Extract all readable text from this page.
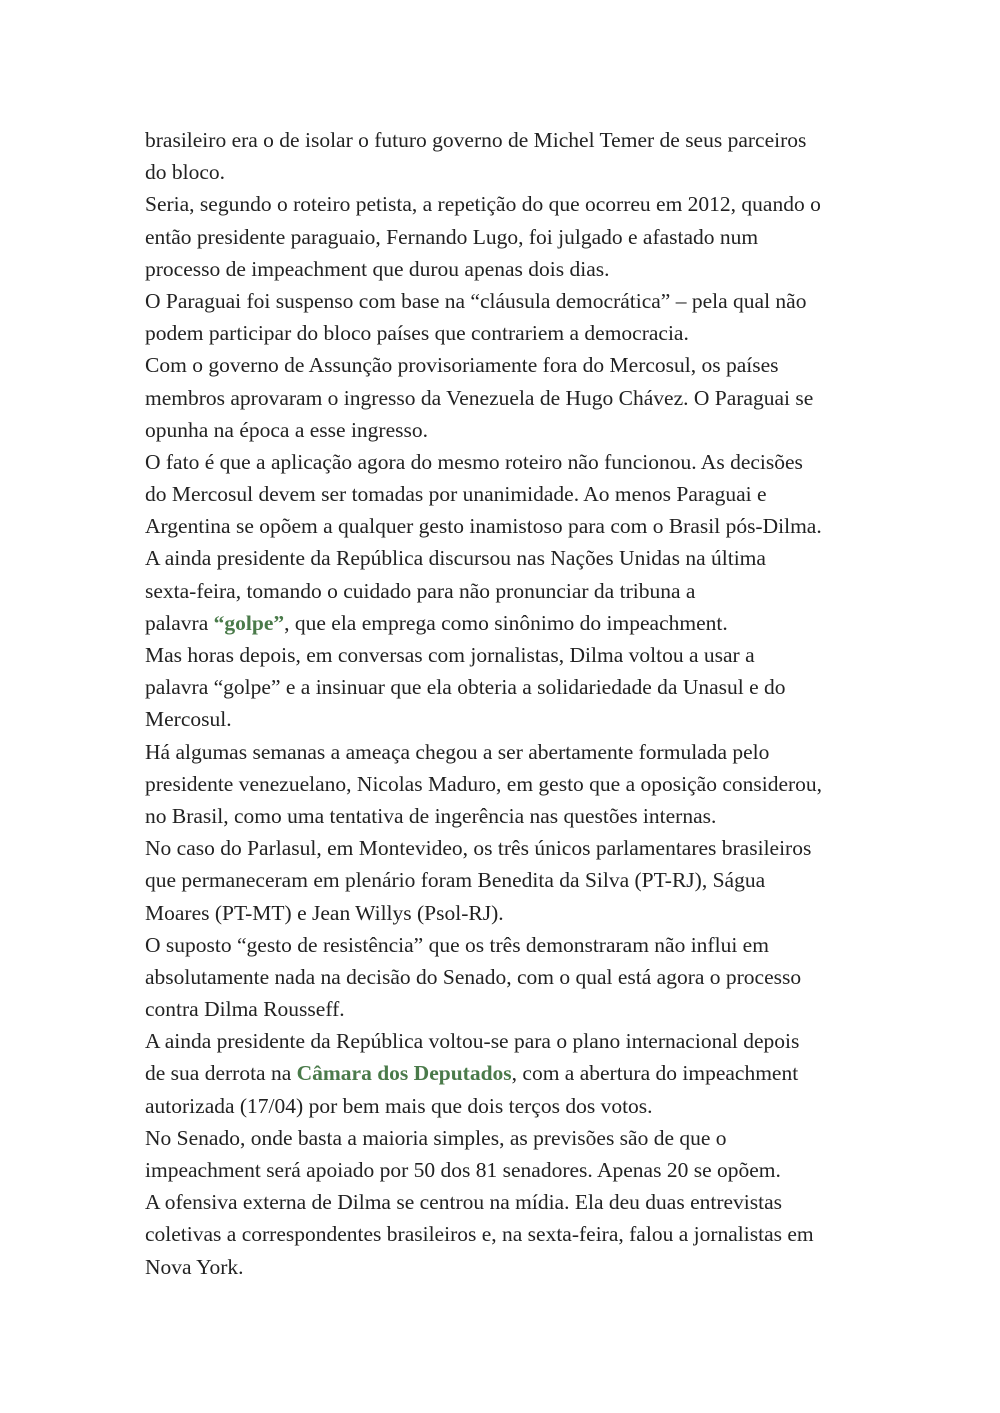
brasileiro era o de isolar o futuro governo de Michel Temer de seus parceiros
do bloco.
Seria, segundo o roteiro petista, a repetição do que ocorreu em 2012, quando o
então presidente paraguaio, Fernando Lugo, foi julgado e afastado num
processo de impeachment que durou apenas dois dias.
O Paraguai foi suspenso com base na “cláusula democrática” – pela qual não
podem participar do bloco países que contrariem a democracia.
Com o governo de Assunção provisoriamente fora do Mercosul, os países
membros aprovaram o ingresso da Venezuela de Hugo Chávez. O Paraguai se
opunha na época a esse ingresso.
O fato é que a aplicação agora do mesmo roteiro não funcionou. As decisões
do Mercosul devem ser tomadas por unanimidade. Ao menos Paraguai e
Argentina se opõem a qualquer gesto inamistoso para com o Brasil pós-Dilma.
A ainda presidente da República discursou nas Nações Unidas na última
sexta-feira, tomando o cuidado para não pronunciar da tribuna a
palavra “golpe”, que ela emprega como sinônimo do impeachment.
Mas horas depois, em conversas com jornalistas, Dilma voltou a usar a
palavra “golpe” e a insinuar que ela obteria a solidariedade da Unasul e do
Mercosul.
Há algumas semanas a ameaça chegou a ser abertamente formulada pelo
presidente venezuelano, Nicolas Maduro, em gesto que a oposição considerou,
no Brasil, como uma tentativa de ingerência nas questões internas.
No caso do Parlasul, em Montevideo, os três únicos parlamentares brasileiros
que permaneceram em plenário foram Benedita da Silva (PT-RJ), Ságua
Moares (PT-MT) e Jean Willys (Psol-RJ).
O suposto “gesto de resistência” que os três demonstraram não influi em
absolutamente nada na decisão do Senado, com o qual está agora o processo
contra Dilma Rousseff.
A ainda presidente da República voltou-se para o plano internacional depois
de sua derrota na Câmara dos Deputados, com a abertura do impeachment
autorizada (17/04) por bem mais que dois terços dos votos.
No Senado, onde basta a maioria simples, as previsões são de que o
impeachment será apoiado por 50 dos 81 senadores. Apenas 20 se opõem.
A ofensiva externa de Dilma se centrou na mídia. Ela deu duas entrevistas
coletivas a correspondentes brasileiros e, na sexta-feira, falou a jornalistas em
Nova York.
